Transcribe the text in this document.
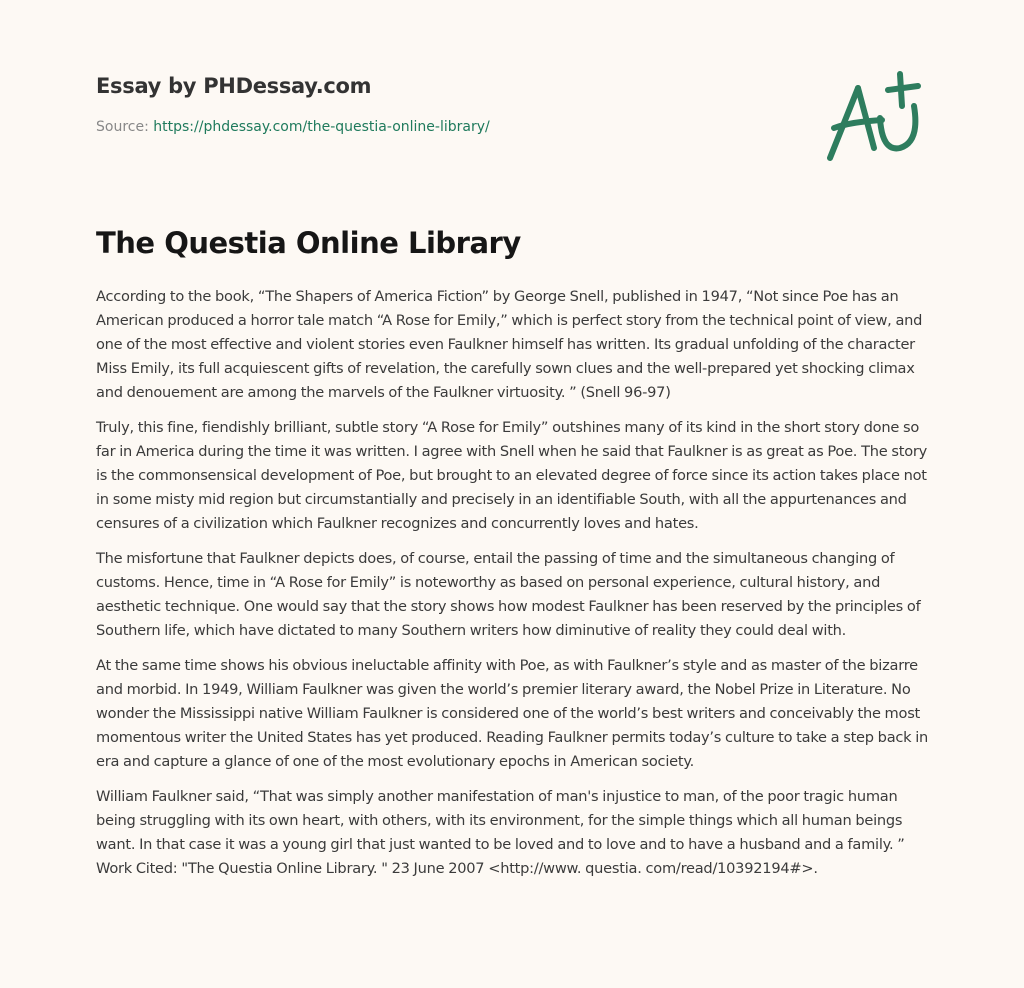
Essay by PHDessay.com
Source: https://phdessay.com/the-questia-online-library/
The Questia Online Library

According to the book, “The Shapers of America Fiction” by George Snell, published in 1947, “Not since Poe has an American produced a horror tale match “A Rose for Emily,” which is perfect story from the technical point of view, and one of the most effective and violent stories even Faulkner himself has written. Its gradual unfolding of the character Miss Emily, its full acquiescent gifts of revelation, the carefully sown clues and the well-prepared yet shocking climax and denouement are among the marvels of the Faulkner virtuosity. ” (Snell 96-97)

Truly, this fine, fiendishly brilliant, subtle story “A Rose for Emily” outshines many of its kind in the short story done so far in America during the time it was written. I agree with Snell when he said that Faulkner is as great as Poe. The story is the commonsensical development of Poe, but brought to an elevated degree of force since its action takes place not in some misty mid region but circumstantially and precisely in an identifiable South, with all the appurtenances and censures of a civilization which Faulkner recognizes and concurrently loves and hates.

The misfortune that Faulkner depicts does, of course, entail the passing of time and the simultaneous changing of customs. Hence, time in “A Rose for Emily” is noteworthy as based on personal experience, cultural history, and aesthetic technique. One would say that the story shows how modest Faulkner has been reserved by the principles of Southern life, which have dictated to many Southern writers how diminutive of reality they could deal with.

At the same time shows his obvious ineluctable affinity with Poe, as with Faulkner’s style and as master of the bizarre and morbid. In 1949, William Faulkner was given the world’s premier literary award, the Nobel Prize in Literature. No wonder the Mississippi native William Faulkner is considered one of the world’s best writers and conceivably the most momentous writer the United States has yet produced. Reading Faulkner permits today’s culture to take a step back in era and capture a glance of one of the most evolutionary epochs in American society.

William Faulkner said, “That was simply another manifestation of man's injustice to man, of the poor tragic human being struggling with its own heart, with others, with its environment, for the simple things which all human beings want. In that case it was a young girl that just wanted to be loved and to love and to have a husband and a family. ” Work Cited: "The Questia Online Library. " 23 June 2007 <http://www. questia. com/read/10392194#>.
